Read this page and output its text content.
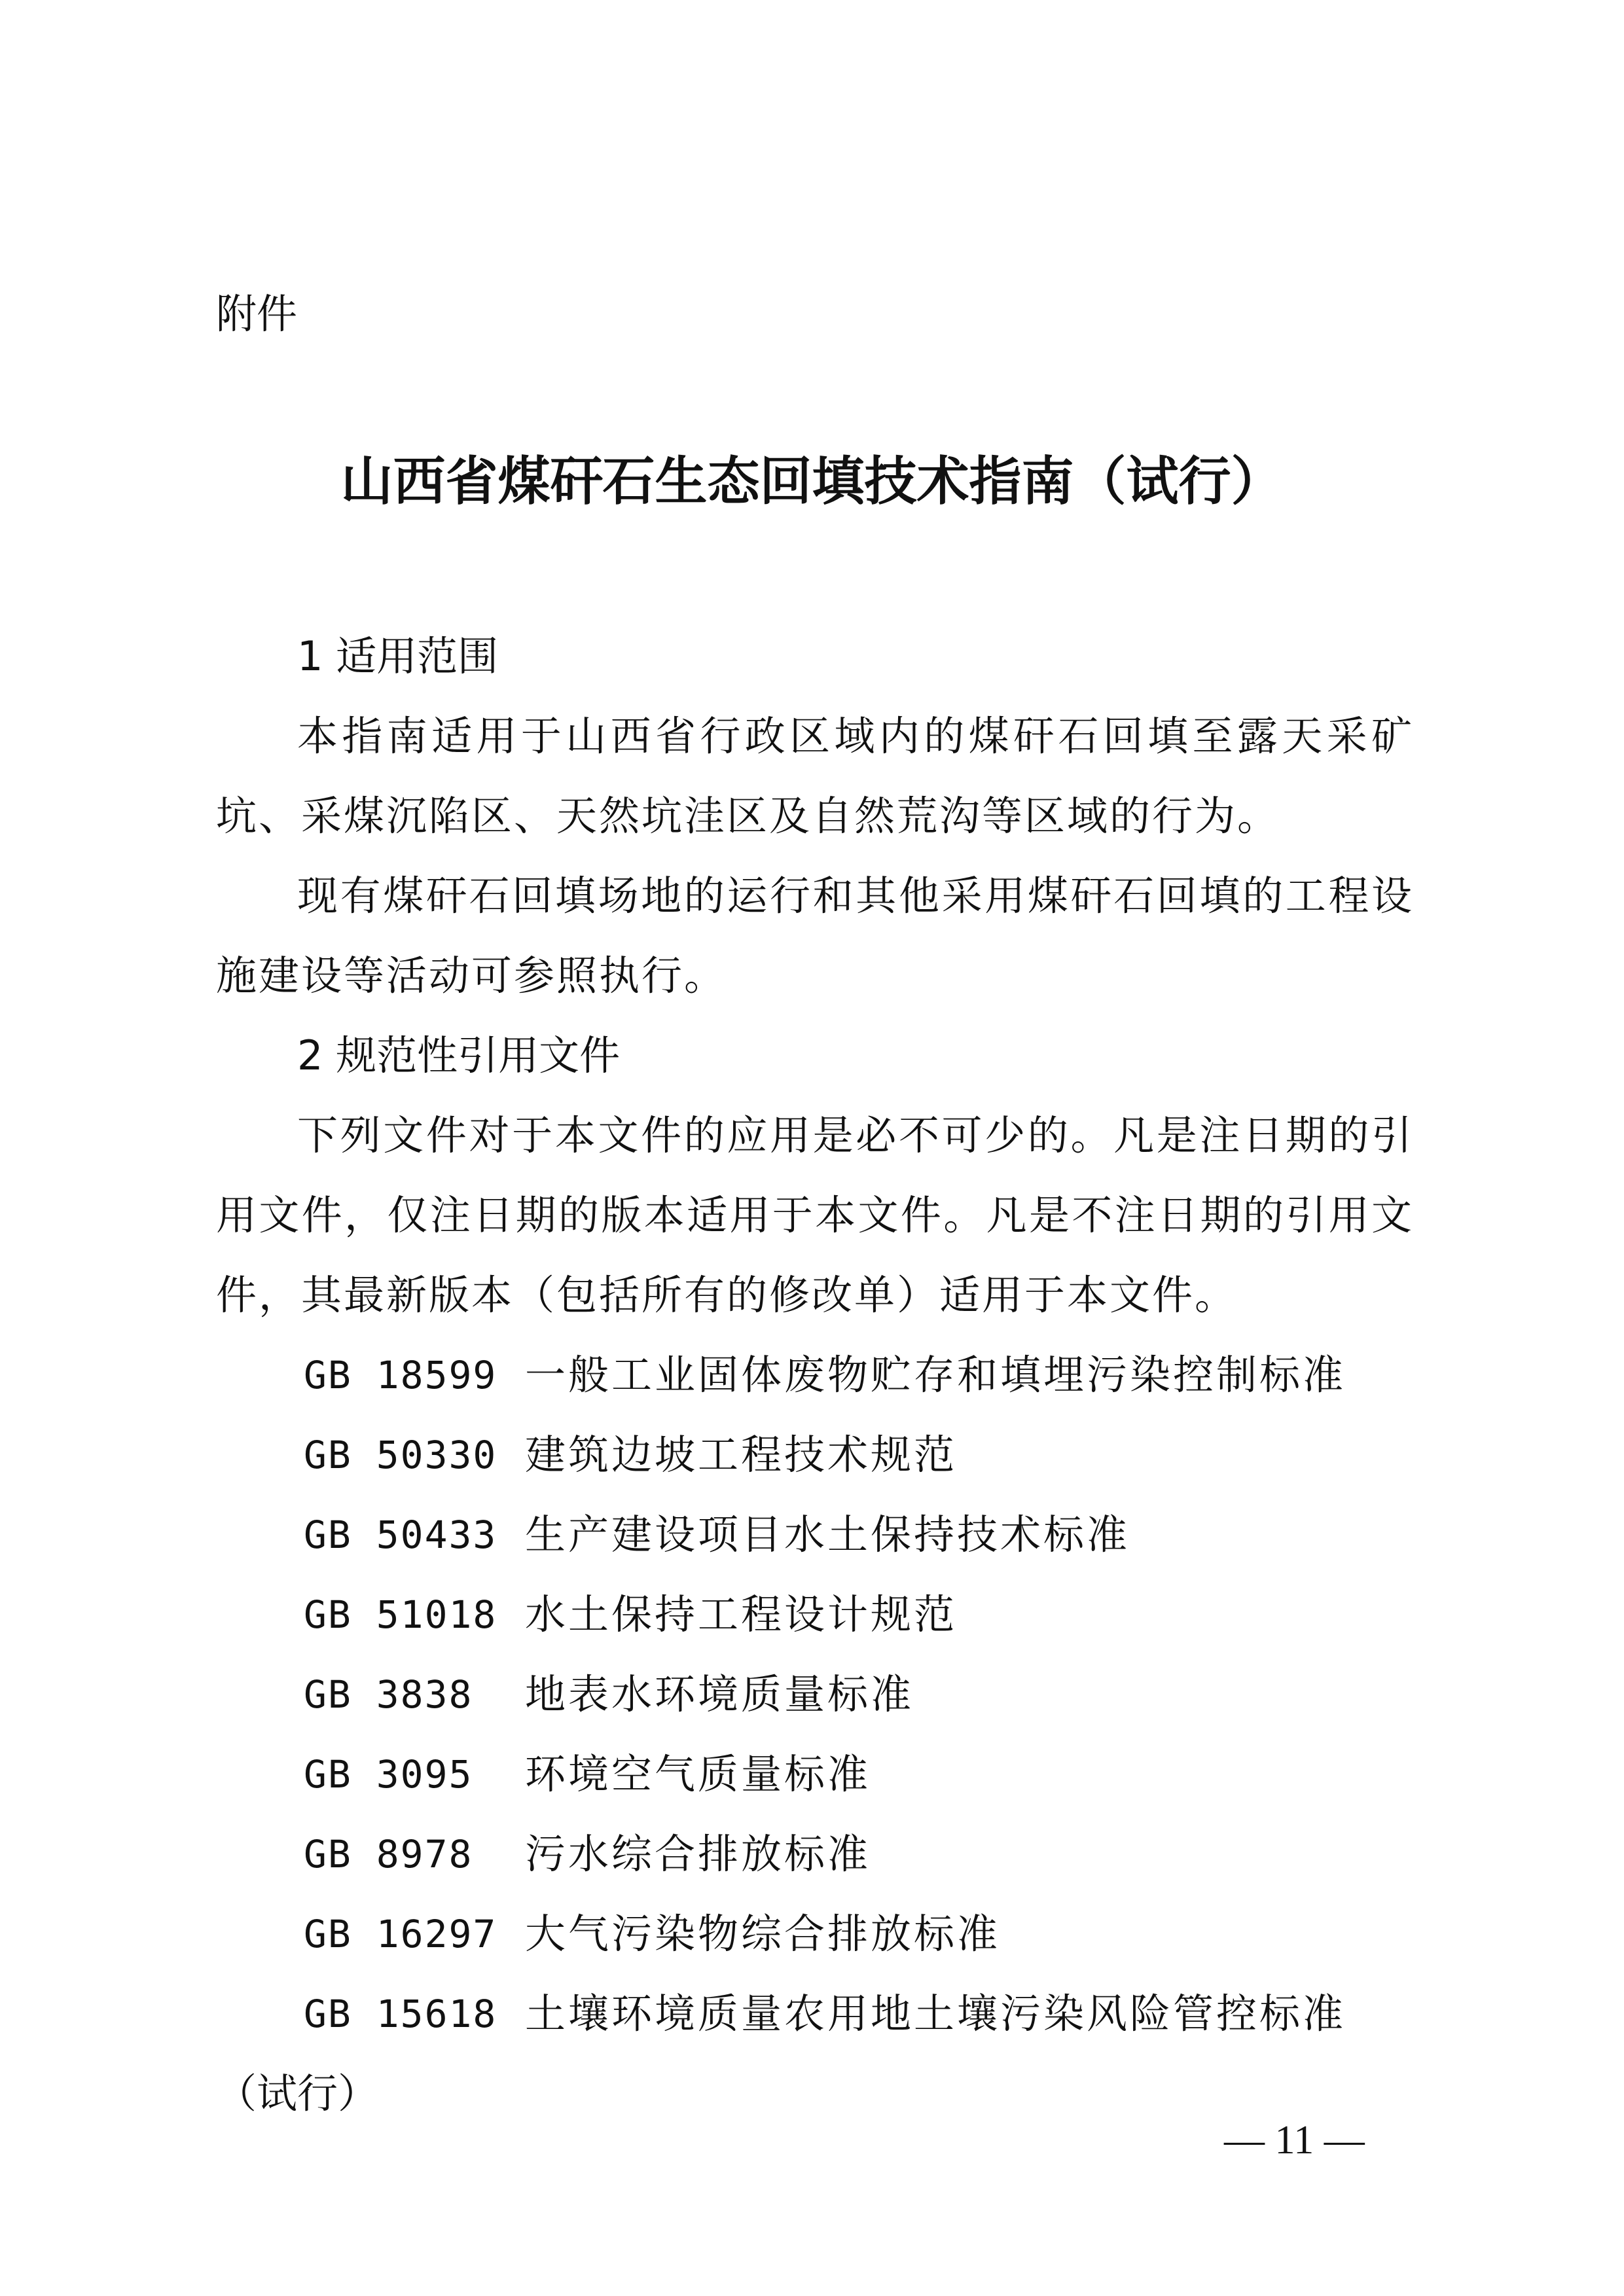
附件
山西省煤矸石生态回填技术指南（试行）
1 适用范围

本指南适用于山西省行政区域内的煤矸石回填至露天采矿坑、采煤沉陷区、天然坑洼区及自然荒沟等区域的行为。

现有煤矸石回填场地的运行和其他采用煤矸石回填的工程设施建设等活动可参照执行。

2 规范性引用文件

下列文件对于本文件的应用是必不可少的。凡是注日期的引用文件，仅注日期的版本适用于本文件。凡是不注日期的引用文件，其最新版本（包括所有的修改单）适用于本文件。

GB 18599 一般工业固体废物贮存和填埋污染控制标准
GB 50330 建筑边坡工程技术规范
GB 50433 生产建设项目水土保持技术标准
GB 51018 水土保持工程设计规范
GB 3838 地表水环境质量标准
GB 3095 环境空气质量标准
GB 8978 污水综合排放标准
GB 16297 大气污染物综合排放标准
GB 15618 土壤环境质量农用地土壤污染风险管控标准
（试行）
— 11 —
